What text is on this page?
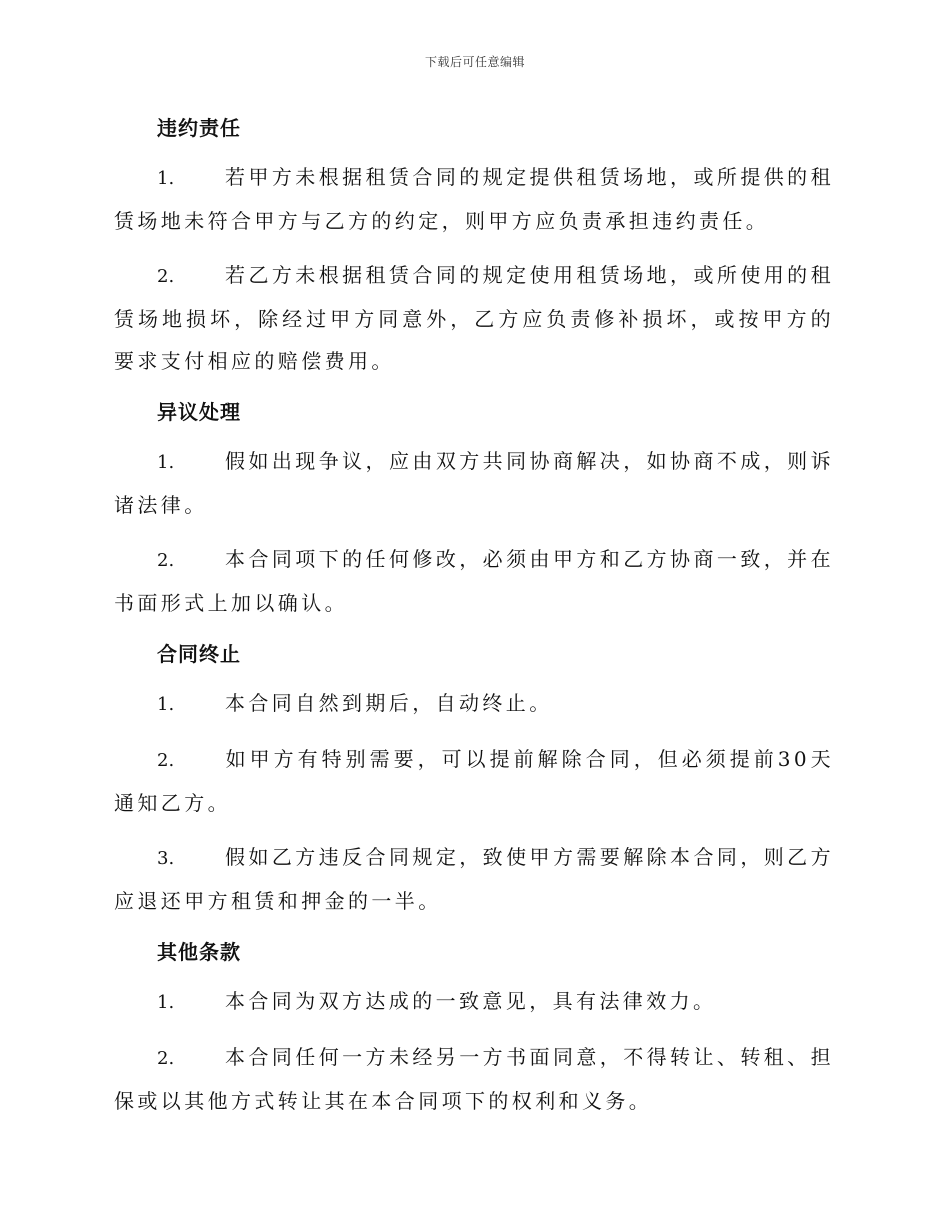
下载后可任意编辑
违约责任

1.	若甲方未根据租赁合同的规定提供租赁场地，或所提供的租赁场地未符合甲方与乙方的约定，则甲方应负责承担违约责任。

2.	若乙方未根据租赁合同的规定使用租赁场地，或所使用的租赁场地损坏，除经过甲方同意外，乙方应负责修补损坏，或按甲方的要求支付相应的赔偿费用。

异议处理

1.	假如出现争议，应由双方共同协商解决，如协商不成，则诉诸法律。

2.	本合同项下的任何修改，必须由甲方和乙方协商一致，并在书面形式上加以确认。

合同终止

1.	本合同自然到期后，自动终止。

2.	如甲方有特别需要，可以提前解除合同，但必须提前30天通知乙方。

3.	假如乙方违反合同规定，致使甲方需要解除本合同，则乙方应退还甲方租赁和押金的一半。

其他条款

1.	本合同为双方达成的一致意见，具有法律效力。

2.	本合同任何一方未经另一方书面同意，不得转让、转租、担保或以其他方式转让其在本合同项下的权利和义务。
